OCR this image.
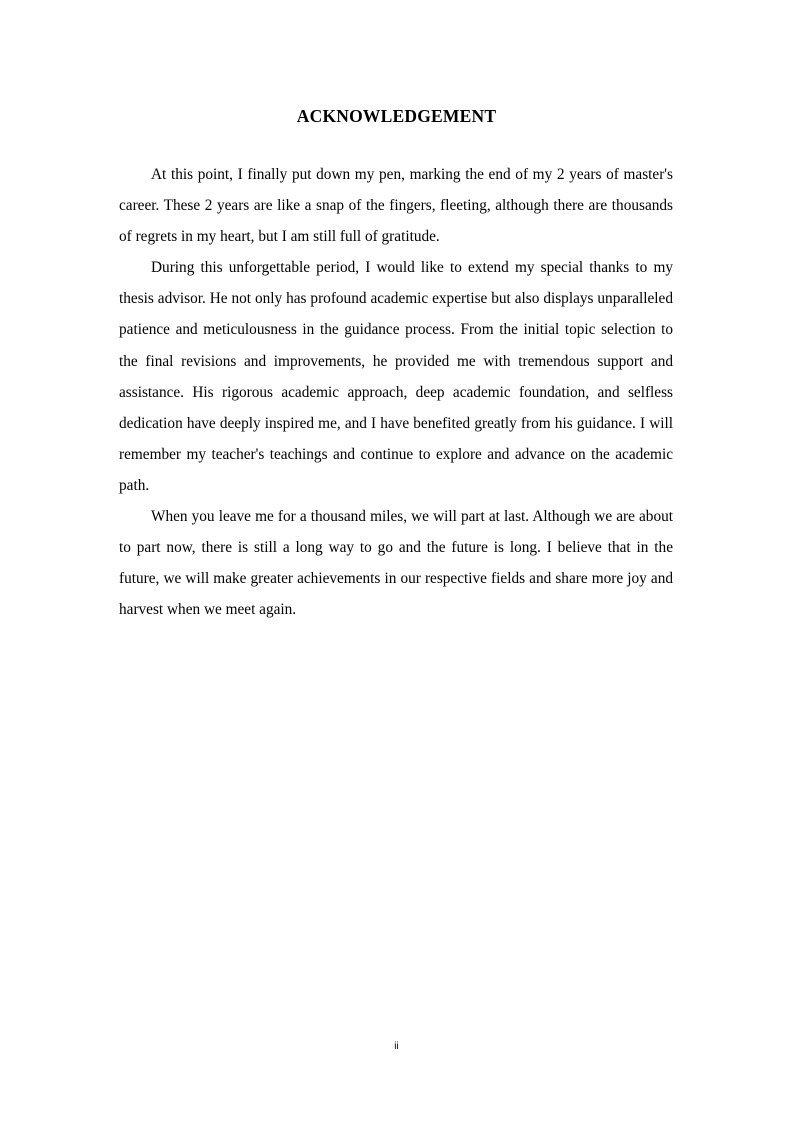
ACKNOWLEDGEMENT

At this point, I finally put down my pen, marking the end of my 2 years of master's career. These 2 years are like a snap of the fingers, fleeting, although there are thousands of regrets in my heart, but I am still full of gratitude.

During this unforgettable period, I would like to extend my special thanks to my thesis advisor. He not only has profound academic expertise but also displays unparalleled patience and meticulousness in the guidance process. From the initial topic selection to the final revisions and improvements, he provided me with tremendous support and assistance. His rigorous academic approach, deep academic foundation, and selfless dedication have deeply inspired me, and I have benefited greatly from his guidance. I will remember my teacher's teachings and continue to explore and advance on the academic path.

When you leave me for a thousand miles, we will part at last. Although we are about to part now, there is still a long way to go and the future is long. I believe that in the future, we will make greater achievements in our respective fields and share more joy and harvest when we meet again.

ii
